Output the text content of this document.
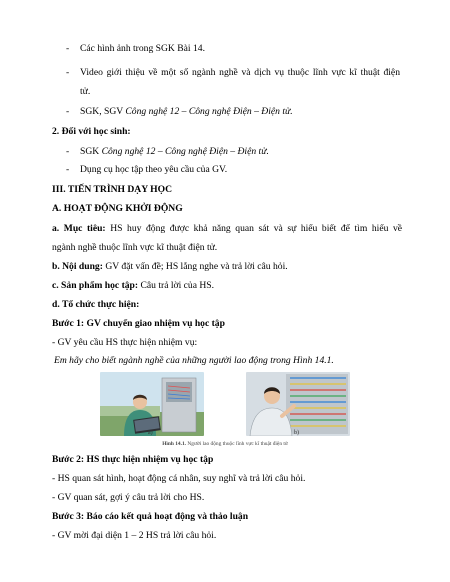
- Các hình ảnh trong SGK Bài 14.
- Video giới thiệu về một số ngành nghề và dịch vụ thuộc lĩnh vực kĩ thuật điện
tử.
- SGK, SGV Công nghệ 12 – Công nghệ Điện – Điện tử.
2. Đối với học sinh:
- SGK Công nghệ 12 – Công nghệ Điện – Điện tử.
- Dụng cụ học tập theo yêu cầu của GV.
III. TIẾN TRÌNH DẠY HỌC
A. HOẠT ĐỘNG KHỞI ĐỘNG
a. Mục tiêu: HS huy động được khả năng quan sát và sự hiểu biết để tìm hiểu về
ngành nghề thuộc lĩnh vực kĩ thuật điện tử.
b. Nội dung: GV đặt vấn đề; HS lắng nghe và trả lời câu hỏi.
c. Sản phẩm học tập: Câu trả lời của HS.
d. Tổ chức thực hiện:
Bước 1: GV chuyển giao nhiệm vụ học tập
- GV yêu cầu HS thực hiện nhiệm vụ:
Em hãy cho biết ngành nghề của những người lao động trong Hình 14.1.
a)	b)
Hình 14.1. Người lao động thuộc lĩnh vực kĩ thuật điện tử
Bước 2: HS thực hiện nhiệm vụ học tập
- HS quan sát hình, hoạt động cá nhân, suy nghĩ và trả lời câu hỏi.
- GV quan sát, gợi ý câu trả lời cho HS.
Bước 3: Báo cáo kết quả hoạt động và thảo luận
- GV mời đại diện 1 – 2 HS trả lời câu hỏi.
